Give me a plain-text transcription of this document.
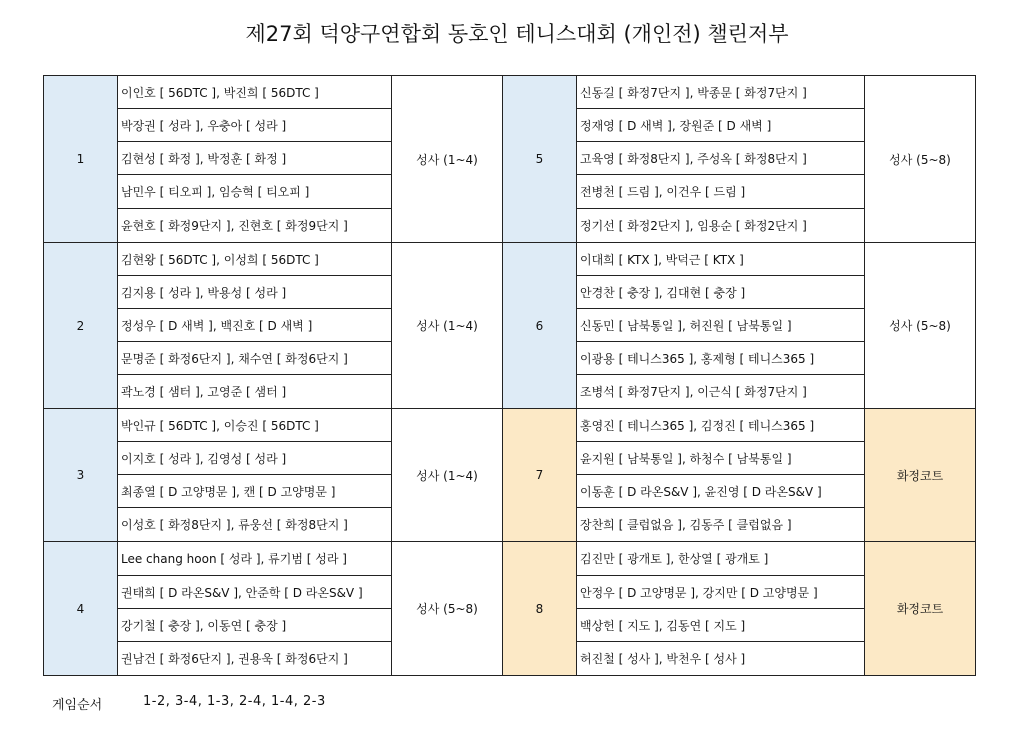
제27회 덕양구연합회 동호인 테니스대회 (개인전) 챌린저부
1	이인호 [ 56DTC ], 박진희 [ 56DTC ]	성사 (1~4)	5	신동길 [ 화정7단지 ], 박종문 [ 화정7단지 ]	성사 (5~8)
	박장권 [ 성라 ], 우충아 [ 성라 ]			정재영 [ D 새벽 ], 장원준 [ D 새벽 ]	
	김현성 [ 화정 ], 박정훈 [ 화정 ]			고육영 [ 화정8단지 ], 주성옥 [ 화정8단지 ]	
	남민우 [ 티오피 ], 임승혁 [ 티오피 ]			전병천 [ 드림 ], 이건우 [ 드림 ]	
	윤현호 [ 화정9단지 ], 진현호 [ 화정9단지 ]			정기선 [ 화정2단지 ], 임용순 [ 화정2단지 ]	
2	김현왕 [ 56DTC ], 이성희 [ 56DTC ]	성사 (1~4)	6	이대희 [ KTX ], 박덕근 [ KTX ]	성사 (5~8)
	김지용 [ 성라 ], 박용성 [ 성라 ]			안경찬 [ 충장 ], 김대현 [ 충장 ]	
	정성우 [ D 새벽 ], 백진호 [ D 새벽 ]			신동민 [ 남북통일 ], 허진원 [ 남북통일 ]	
	문명준 [ 화정6단지 ], 채수연 [ 화정6단지 ]			이광용 [ 테니스365 ], 홍제형 [ 테니스365 ]	
	곽노경 [ 샘터 ], 고영준 [ 샘터 ]			조병석 [ 화정7단지 ], 이근식 [ 화정7단지 ]	
3	박인규 [ 56DTC ], 이승진 [ 56DTC ]	성사 (1~4)	7	홍영진 [ 테니스365 ], 김정진 [ 테니스365 ]	화정코트
	이지호 [ 성라 ], 김영성 [ 성라 ]			윤지원 [ 남북통일 ], 하청수 [ 남북통일 ]	
	최종열 [ D 고양명문 ], 캔 [ D 고양명문 ]			이동훈 [ D 라온S&V ], 윤진영 [ D 라온S&V ]	
	이성호 [ 화정8단지 ], 류웅선 [ 화정8단지 ]			장찬희 [ 클럽없음 ], 김동주 [ 클럽없음 ]	
4	Lee chang hoon [ 성라 ], 류기범 [ 성라 ]	성사 (5~8)	8	김진만 [ 광개토 ], 한상열 [ 광개토 ]	화정코트
	권태희 [ D 라온S&V ], 안준학 [ D 라온S&V ]			안정우 [ D 고양명문 ], 강지만 [ D 고양명문 ]	
	강기철 [ 충장 ], 이동연 [ 충장 ]			백상헌 [ 지도 ], 김동연 [ 지도 ]	
	권남건 [ 화정6단지 ], 권용욱 [ 화정6단지 ]			허진철 [ 성사 ], 박천우 [ 성사 ]	
게임순서	1-2, 3-4, 1-3, 2-4, 1-4, 2-3
